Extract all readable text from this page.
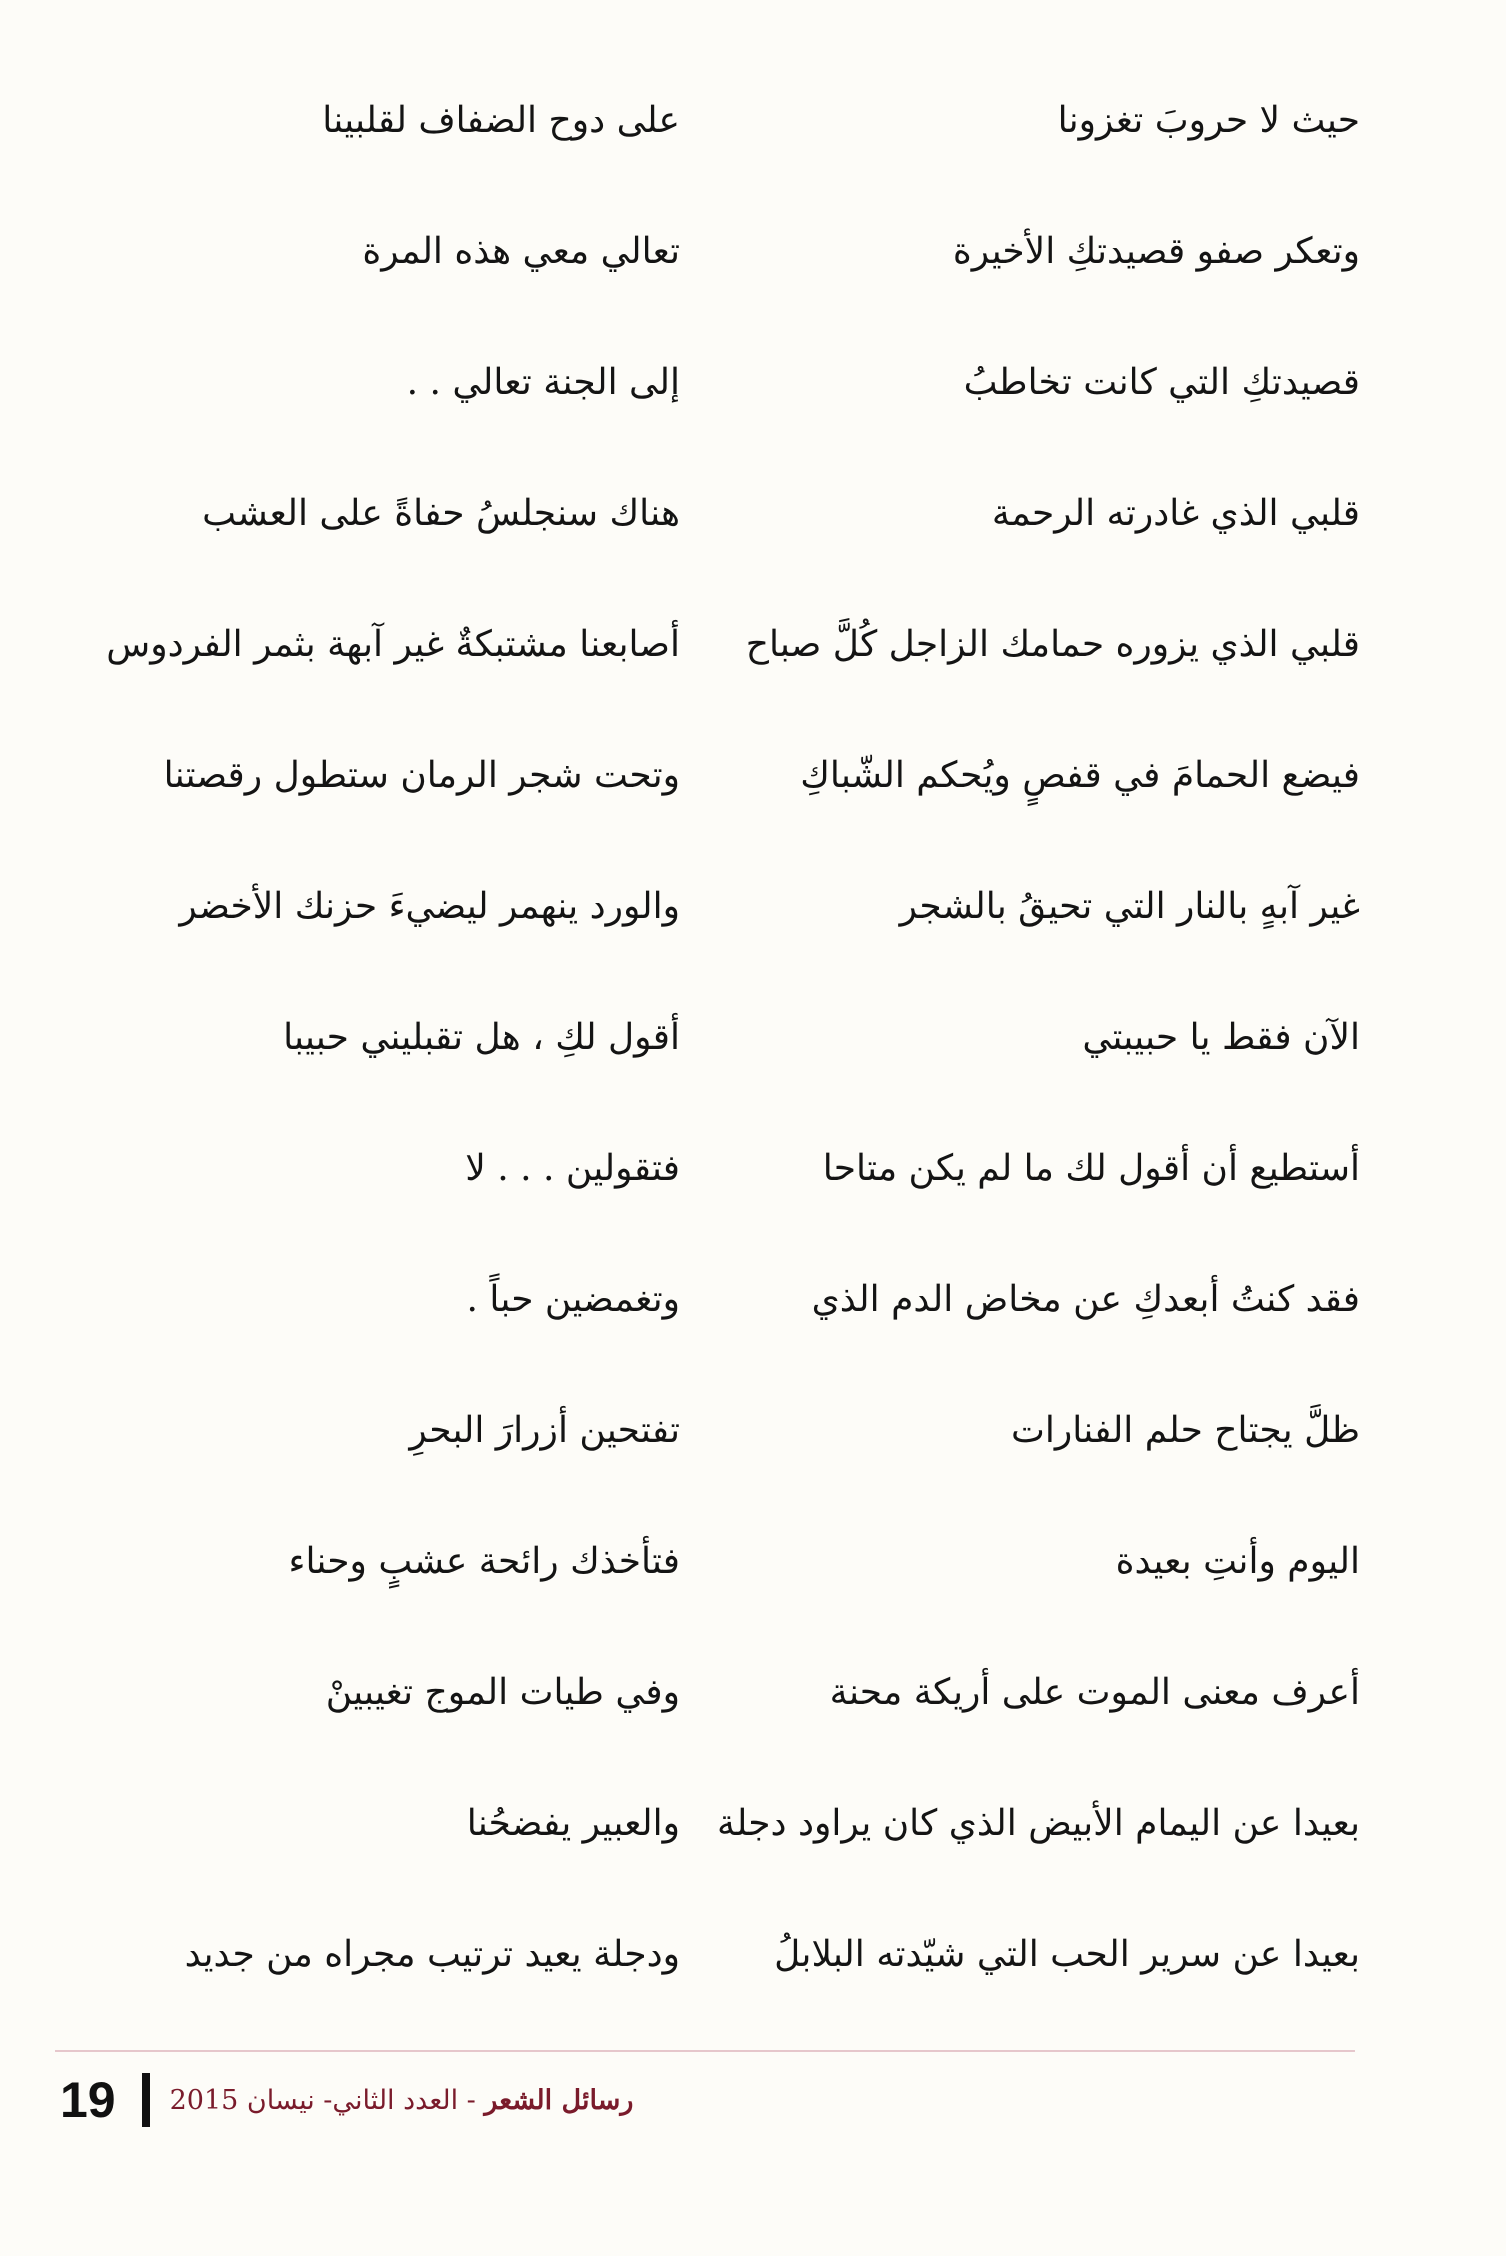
حيث لا حروبَ تغزونا
على دوح الضفاف لقلبينا
وتعكر صفو قصيدتكِ الأخيرة
تعالي معي هذه المرة
قصيدتكِ التي كانت تخاطبُ
إلى الجنة تعالي . .
قلبي الذي غادرته الرحمة
هناك سنجلسُ حفاةً على العشب
قلبي الذي يزوره حمامك الزاجل كُلَّ صباح
أصابعنا مشتبكةٌ غير آبهة بثمر الفردوس
فيضع الحمامَ في قفصٍ ويُحكم الشّباكِ
وتحت شجر الرمان ستطول رقصتنا
غير آبهٍ بالنار التي تحيقُ بالشجر
والورد ينهمر ليضيءَ حزنك الأخضر
الآن فقط يا حبيبتي
أقول لكِ ، هل تقبليني حبيبا
أستطيع أن أقول لك ما لم يكن متاحا
فتقولين . . . لا
فقد كنتُ أبعدكِ عن مخاض الدم الذي
وتغمضين حباً .
ظلَّ يجتاح حلم الفنارات
تفتحين أزرارَ البحرِ
اليوم وأنتِ بعيدة
فتأخذك رائحة عشبٍ وحناء
أعرف معنى الموت على أريكة محنة
وفي طيات الموج تغيبينْ
بعيدا عن اليمام الأبيض الذي كان يراود دجلة
والعبير يفضحُنا
بعيدا عن سرير الحب التي شيّدته البلابلُ
ودجلة يعيد ترتيب مجراه من جديد
19	رسائل الشعر - العدد الثاني- نيسان 2015
